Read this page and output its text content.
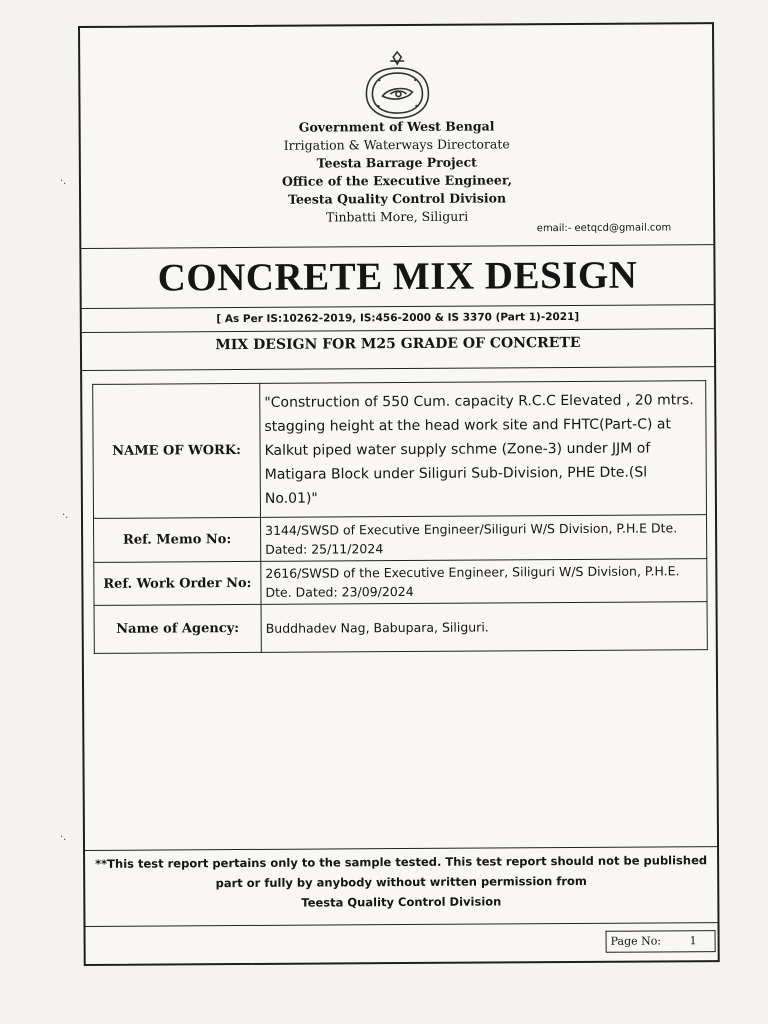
Government of West Bengal
Irrigation & Waterways Directorate
Teesta Barrage Project
Office of the Executive Engineer,
Teesta Quality Control Division
Tinbatti More, Siliguri
email:- eetqcd@gmail.com
CONCRETE MIX DESIGN
[ As Per IS:10262-2019, IS:456-2000 & IS 3370 (Part 1)-2021]
MIX DESIGN FOR M25 GRADE OF CONCRETE
NAME OF WORK:	"Construction of 550 Cum. capacity R.C.C Elevated , 20 mtrs. stagging height at the head work site and FHTC(Part-C) at Kalkut piped water supply schme (Zone-3) under JJM of Matigara Block under Siliguri Sub-Division, PHE Dte.(Sl No.01)"
Ref. Memo No:	3144/SWSD of Executive Engineer/Siliguri W/S Division, P.H.E Dte. Dated: 25/11/2024
Ref. Work Order No:	2616/SWSD of the Executive Engineer, Siliguri W/S Division, P.H.E. Dte. Dated: 23/09/2024
Name of Agency:	Buddhadev Nag, Babupara, Siliguri.
**This test report pertains only to the sample tested. This test report should not be published
part or fully by anybody without written permission from
Teesta Quality Control Division
Page No:	1
·.
·.
·.
